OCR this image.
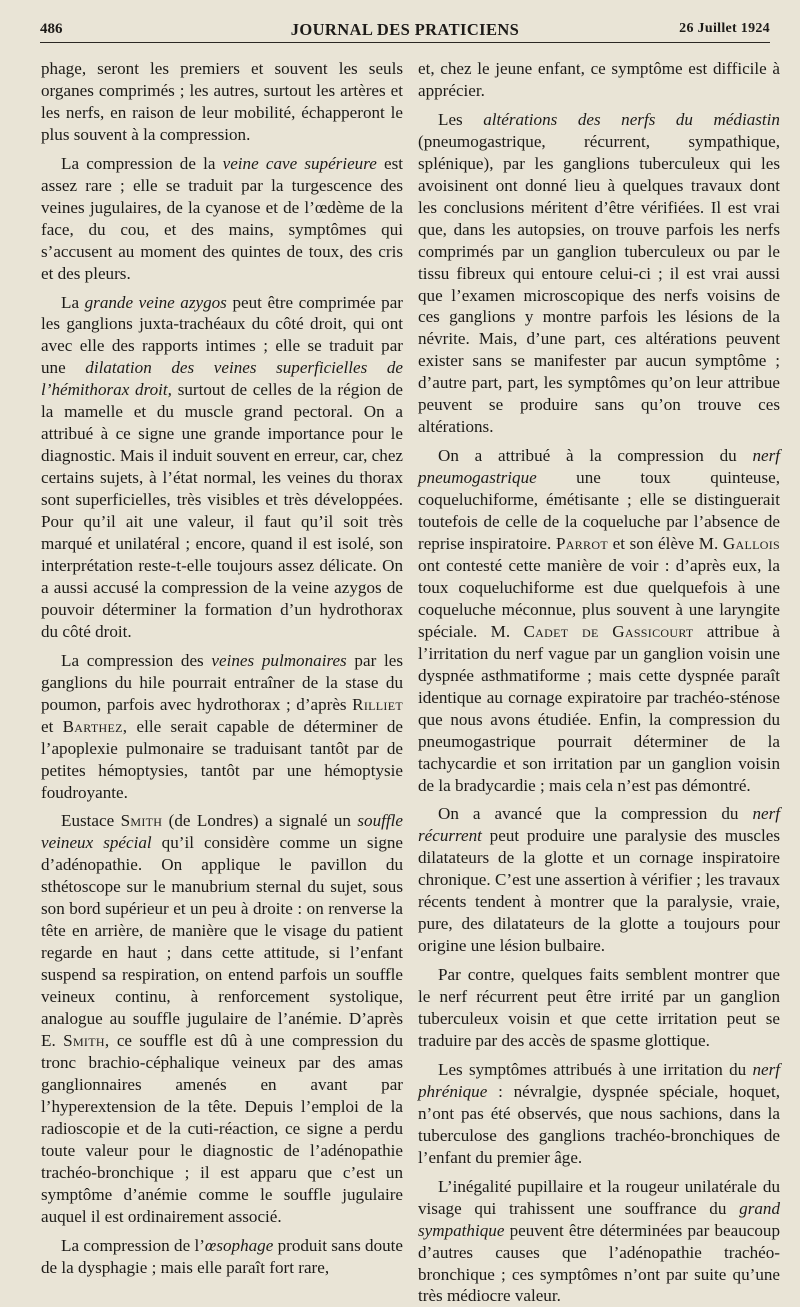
486	JOURNAL DES PRATICIENS	26 Juillet 1924

phage, seront les premiers et souvent les seuls organes comprimés ; les autres, surtout les artères et les nerfs, en raison de leur mobilité, échapperont le plus souvent à la compression.

La compression de la veine cave supérieure est assez rare ; elle se traduit par la turgescence des veines jugulaires, de la cyanose et de l’œdème de la face, du cou, et des mains, symptômes qui s’accusent au moment des quintes de toux, des cris et des pleurs.

La grande veine azygos peut être comprimée par les ganglions juxta-trachéaux du côté droit, qui ont avec elle des rapports intimes ; elle se traduit par une dilatation des veines superficielles de l’hémithorax droit, surtout de celles de la région de la mamelle et du muscle grand pectoral. On a attribué à ce signe une grande importance pour le diagnostic. Mais il induit souvent en erreur, car, chez certains sujets, à l’état normal, les veines du thorax sont superficielles, très visibles et très développées. Pour qu’il ait une valeur, il faut qu’il soit très marqué et unilatéral ; encore, quand il est isolé, son interprétation reste-t-elle toujours assez délicate. On a aussi accusé la compression de la veine azygos de pouvoir déterminer la formation d’un hydrothorax du côté droit.

La compression des veines pulmonaires par les ganglions du hile pourrait entraîner de la stase du poumon, parfois avec hydrothorax ; d’après Rilliet et Barthez, elle serait capable de déterminer de l’apoplexie pulmonaire se traduisant tantôt par de petites hémoptysies, tantôt par une hémoptysie foudroyante.

Eustace Smith (de Londres) a signalé un souffle veineux spécial qu’il considère comme un signe d’adénopathie. On applique le pavillon du sthétoscope sur le manubrium sternal du sujet, sous son bord supérieur et un peu à droite : on renverse la tête en arrière, de manière que le visage du patient regarde en haut ; dans cette attitude, si l’enfant suspend sa respiration, on entend parfois un souffle veineux continu, à renforcement systolique, analogue au souffle jugulaire de l’anémie. D’après E. Smith, ce souffle est dû à une compression du tronc brachio-céphalique veineux par des amas ganglionnaires amenés en avant par l’hyperextension de la tête. Depuis l’emploi de la radioscopie et de la cuti-réaction, ce signe a perdu toute valeur pour le diagnostic de l’adénopathie trachéo-bronchique ; il est apparu que c’est un symptôme d’anémie comme le souffle jugulaire auquel il est ordinairement associé.

La compression de l’œsophage produit sans doute de la dysphagie ; mais elle paraît fort rare,

et, chez le jeune enfant, ce symptôme est difficile à apprécier.

Les altérations des nerfs du médiastin (pneumogastrique, récurrent, sympathique, splénique), par les ganglions tuberculeux qui les avoisinent ont donné lieu à quelques travaux dont les conclusions méritent d’être vérifiées. Il est vrai que, dans les autopsies, on trouve parfois les nerfs comprimés par un ganglion tuberculeux ou par le tissu fibreux qui entoure celui-ci ; il est vrai aussi que l’examen microscopique des nerfs voisins de ces ganglions y montre parfois les lésions de la névrite. Mais, d’une part, ces altérations peuvent exister sans se manifester par aucun symptôme ; d’autre part, part, les symptômes qu’on leur attribue peuvent se produire sans qu’on trouve ces altérations.

On a attribué à la compression du nerf pneumogastrique une toux quinteuse, coqueluchiforme, émétisante ; elle se distinguerait toutefois de celle de la coqueluche par l’absence de reprise inspiratoire. Parrot et son élève M. Gallois ont contesté cette manière de voir : d’après eux, la toux coqueluchiforme est due quelquefois à une coqueluche méconnue, plus souvent à une laryngite spéciale. M. Cadet de Gassicourt attribue à l’irritation du nerf vague par un ganglion voisin une dyspnée asthmatiforme ; mais cette dyspnée paraît identique au cornage expiratoire par trachéo-sténose que nous avons étudiée. Enfin, la compression du pneumogastrique pourrait déterminer de la tachycardie et son irritation par un ganglion voisin de la bradycardie ; mais cela n’est pas démontré.

On a avancé que la compression du nerf récurrent peut produire une paralysie des muscles dilatateurs de la glotte et un cornage inspiratoire chronique. C’est une assertion à vérifier ; les travaux récents tendent à montrer que la paralysie, vraie, pure, des dilatateurs de la glotte a toujours pour origine une lésion bulbaire.

Par contre, quelques faits semblent montrer que le nerf récurrent peut être irrité par un ganglion tuberculeux voisin et que cette irritation peut se traduire par des accès de spasme glottique.

Les symptômes attribués à une irritation du nerf phrénique : névralgie, dyspnée spéciale, hoquet, n’ont pas été observés, que nous sachions, dans la tuberculose des ganglions trachéo-bronchiques de l’enfant du premier âge.

L’inégalité pupillaire et la rougeur unilatérale du visage qui trahissent une souffrance du grand sympathique peuvent être déterminées par beaucoup d’autres causes que l’adénopathie trachéo-bronchique ; ces symptômes n’ont par suite qu’une très médiocre valeur.
